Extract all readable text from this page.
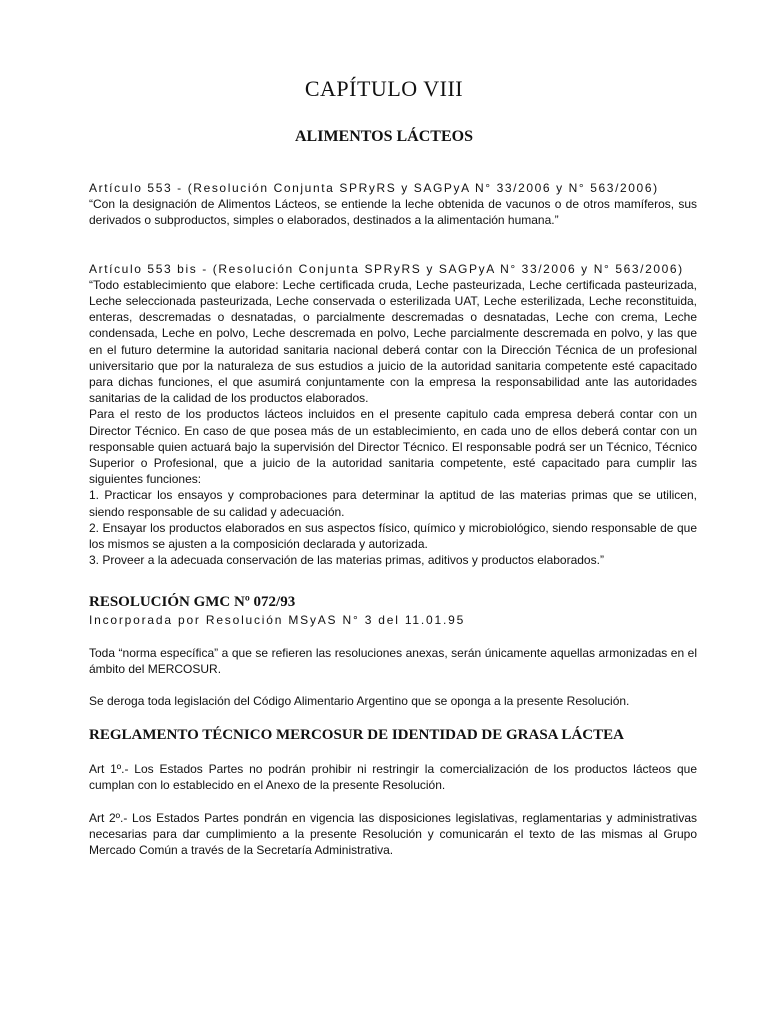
CAPÍTULO VIII
ALIMENTOS LÁCTEOS

Artículo 553 - (Resolución Conjunta SPRyRS y SAGPyA N° 33/2006 y N° 563/2006)

“Con la designación de Alimentos Lácteos, se entiende la leche obtenida de vacunos o de otros mamíferos, sus derivados o subproductos, simples o elaborados, destinados a la alimentación humana.”

Artículo 553 bis - (Resolución Conjunta SPRyRS y SAGPyA N° 33/2006 y N° 563/2006)

“Todo establecimiento que elabore: Leche certificada cruda, Leche pasteurizada, Leche certificada pasteurizada, Leche seleccionada pasteurizada, Leche conservada o esterilizada UAT, Leche esterilizada, Leche reconstituida, enteras, descremadas o desnatadas, o parcialmente descremadas o desnatadas, Leche con crema, Leche condensada, Leche en polvo, Leche descremada en polvo, Leche parcialmente descremada en polvo, y las que en el futuro determine la autoridad sanitaria nacional deberá contar con la Dirección Técnica de un profesional universitario que por la naturaleza de sus estudios a juicio de la autoridad sanitaria competente esté capacitado para dichas funciones, el que asumirá conjuntamente con la empresa la responsabilidad ante las autoridades sanitarias de la calidad de los productos elaborados.

Para el resto de los productos lácteos incluidos en el presente capitulo cada empresa deberá contar con un Director Técnico. En caso de que posea más de un establecimiento, en cada uno de ellos deberá contar con un responsable quien actuará bajo la supervisión del Director Técnico. El responsable podrá ser un Técnico, Técnico Superior o Profesional, que a juicio de la autoridad sanitaria competente, esté capacitado para cumplir las siguientes funciones:

1. Practicar los ensayos y comprobaciones para determinar la aptitud de las materias primas que se utilicen, siendo responsable de su calidad y adecuación.

2. Ensayar los productos elaborados en sus aspectos físico, químico y microbiológico, siendo responsable de que los mismos se ajusten a la composición declarada y autorizada.

3. Proveer a la adecuada conservación de las materias primas, aditivos y productos elaborados.”

RESOLUCIÓN GMC Nº 072/93

Incorporada por Resolución MSyAS N° 3 del 11.01.95

Toda “norma específica” a que se refieren las resoluciones anexas, serán únicamente aquellas armonizadas en el ámbito del MERCOSUR.

Se deroga toda legislación del Código Alimentario Argentino que se oponga a la presente Resolución.

REGLAMENTO TÉCNICO MERCOSUR DE IDENTIDAD DE GRASA LÁCTEA

Art 1º.- Los Estados Partes no podrán prohibir ni restringir la comercialización de los productos lácteos que cumplan con lo establecido en el Anexo de la presente Resolución.

Art 2º.- Los Estados Partes pondrán en vigencia las disposiciones legislativas, reglamentarias y administrativas necesarias para dar cumplimiento a la presente Resolución y comunicarán el texto de las mismas al Grupo Mercado Común a través de la Secretaría Administrativa.
